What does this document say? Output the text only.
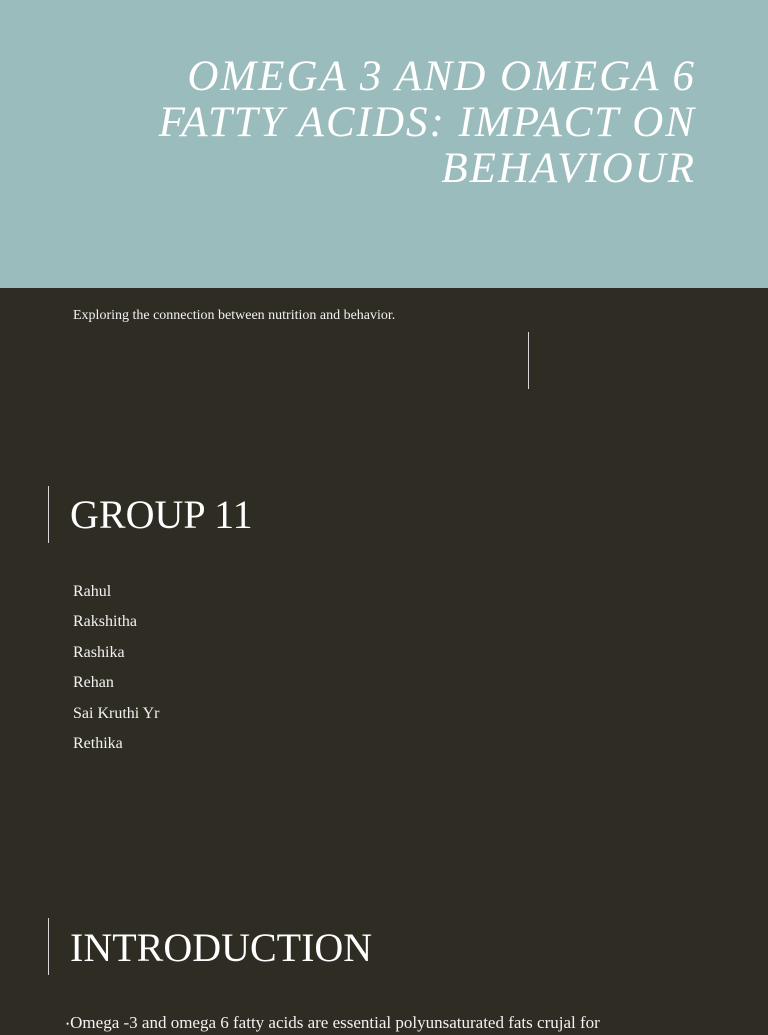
OMEGA 3 AND OMEGA 6 FATTY ACIDS: IMPACT ON BEHAVIOUR

Exploring the connection between nutrition and behavior.

GROUP 11
Rahul
Rakshitha
Rashika
Rehan
Sai Kruthi Yr
Rethika
INTRODUCTION

•Omega -3 and omega 6 fatty acids are essential polyunsaturated fats crujal for
